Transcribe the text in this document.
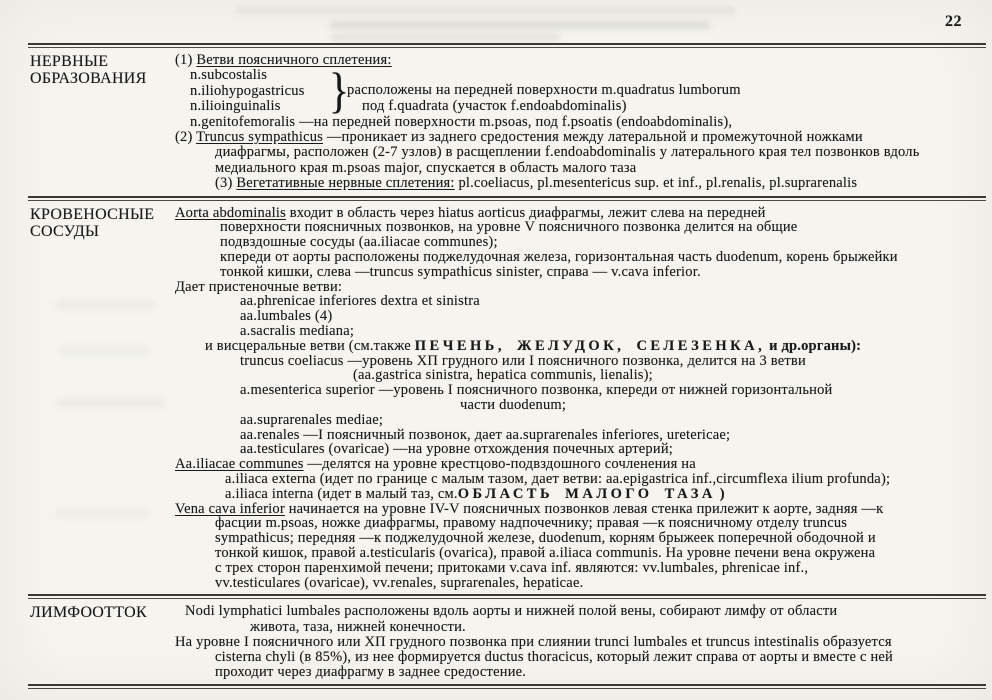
22
НЕРВНЫЕ
ОБРАЗОВАНИЯ
(1) Ветви поясничного сплетения:
n.subcostalis
n.iliohypogastricus
n.ilioinguinalis }
расположены на передней поверхности m.quadratus lumborum
под f.quadrata (участок f.endoabdominalis)
n.genitofemoralis —на передней поверхности m.psoas, под f.psoatis (endoabdominalis),
(2) Truncus sympathicus —проникает из заднего средостения между латеральной и промежуточной ножками
диафрагмы, расположен (2-7 узлов) в расщеплении f.endoabdominalis у латерального края тел позвонков вдоль
медиального края m.psoas major, спускается в область малого таза
(3) Вегетативные нервные сплетения: pl.coeliacus, pl.mesentericus sup. et inf., pl.renalis, pl.suprarenalis
КРОВЕНОСНЫЕ
СОСУДЫ
Aorta abdominalis входит в область через hiatus aorticus диафрагмы, лежит слева на передней
поверхности поясничных позвонков, на уровне V поясничного позвонка делится на общие
подвздошные сосуды (aa.iliacae communes);
кпереди от аорты расположены поджелудочная железа, горизонтальная часть duodenum, корень брыжейки
тонкой кишки, слева —truncus sympathicus sinister, справа — v.cava inferior.
Дает пристеночные ветви:
aa.phrenicae inferiores dextra et sinistra
aa.lumbales (4)
a.sacralis mediana;
и висцеральные ветви (см.также ПЕЧЕНЬ, ЖЕЛУДОК, СЕЛЕЗЕНКА, и др.органы):
truncus coeliacus —уровень ХП грудного или I поясничного позвонка, делится на 3 ветви
(aa.gastrica sinistra, hepatica communis, lienalis);
a.mesenterica superior —уровень I поясничного позвонка, кпереди от нижней горизонтальной
части duodenum;
aa.suprarenales mediae;
aa.renales —I поясничный позвонок, дает aa.suprarenales inferiores, uretericae;
aa.testiculares (ovaricae) —на уровне отхождения почечных артерий;
Aa.iliacae communes —делятся на уровне крестцово-подвздошного сочленения на
a.iliaca externa (идет по границе с малым тазом, дает ветви: aa.epigastrica inf.,circumflexa ilium profunda);
a.iliaca interna (идет в малый таз, см.ОБЛАСТЬ МАЛОГО ТАЗА )
Vena cava inferior начинается на уровне IV-V поясничных позвонков левая стенка прилежит к аорте, задняя —к
фасции m.psoas, ножке диафрагмы, правому надпочечнику; правая —к поясничному отделу truncus
sympathicus; передняя —к поджелудочной железе, duodenum, корням брыжеек поперечной ободочной и
тонкой кишок, правой a.testicularis (ovarica), правой a.iliaca communis. На уровне печени вена окружена
с трех сторон паренхимой печени; притоками v.cava inf. являются: vv.lumbales, phrenicae inf.,
vv.testiculares (ovaricae), vv.renales, suprarenales, hepaticae.
ЛИМФООТТОК	Nodi lymphatici lumbales расположены вдоль аорты и нижней полой вены, собирают лимфу от области
живота, таза, нижней конечности.
На уровне I поясничного или ХП грудного позвонка при слиянии trunci lumbales et truncus intestinalis образуется
cisterna chyli (в 85%), из нее формируется ductus thoracicus, который лежит справа от аорты и вместе с ней
проходит через диафрагму в заднее средостение.
